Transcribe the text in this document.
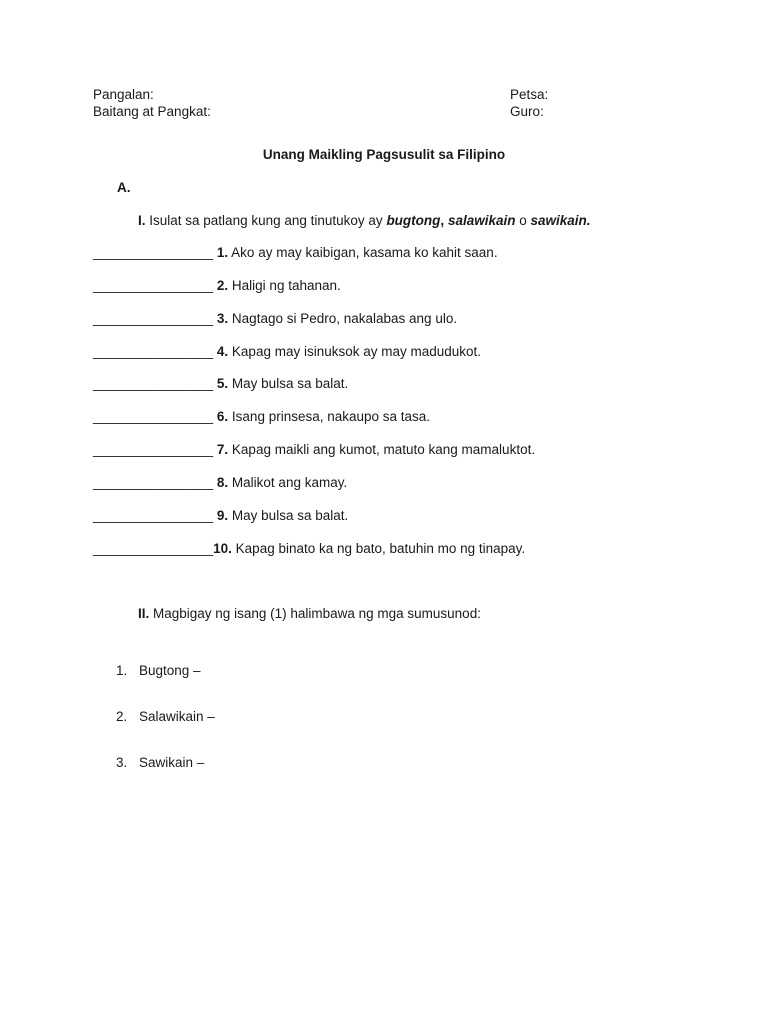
Pangalan:
Baitang at Pangkat:
Petsa:
Guro:
Unang Maikling Pagsusulit sa Filipino
A.
I. Isulat sa patlang kung ang tinutukoy ay bugtong, salawikain o sawikain.
________________ 1. Ako ay may kaibigan, kasama ko kahit saan.
________________ 2. Haligi ng tahanan.
________________ 3. Nagtago si Pedro, nakalabas ang ulo.
________________ 4. Kapag may isinuksok ay may madudukot.
________________ 5. May bulsa sa balat.
________________ 6. Isang prinsesa, nakaupo sa tasa.
________________ 7. Kapag maikli ang kumot, matuto kang mamaluktot.
________________ 8. Malikot ang kamay.
________________ 9. May bulsa sa balat.
________________10. Kapag binato ka ng bato, batuhin mo ng tinapay.
II. Magbigay ng isang (1) halimbawa ng mga sumusunod:
1. Bugtong –
2. Salawikain –
3. Sawikain –
